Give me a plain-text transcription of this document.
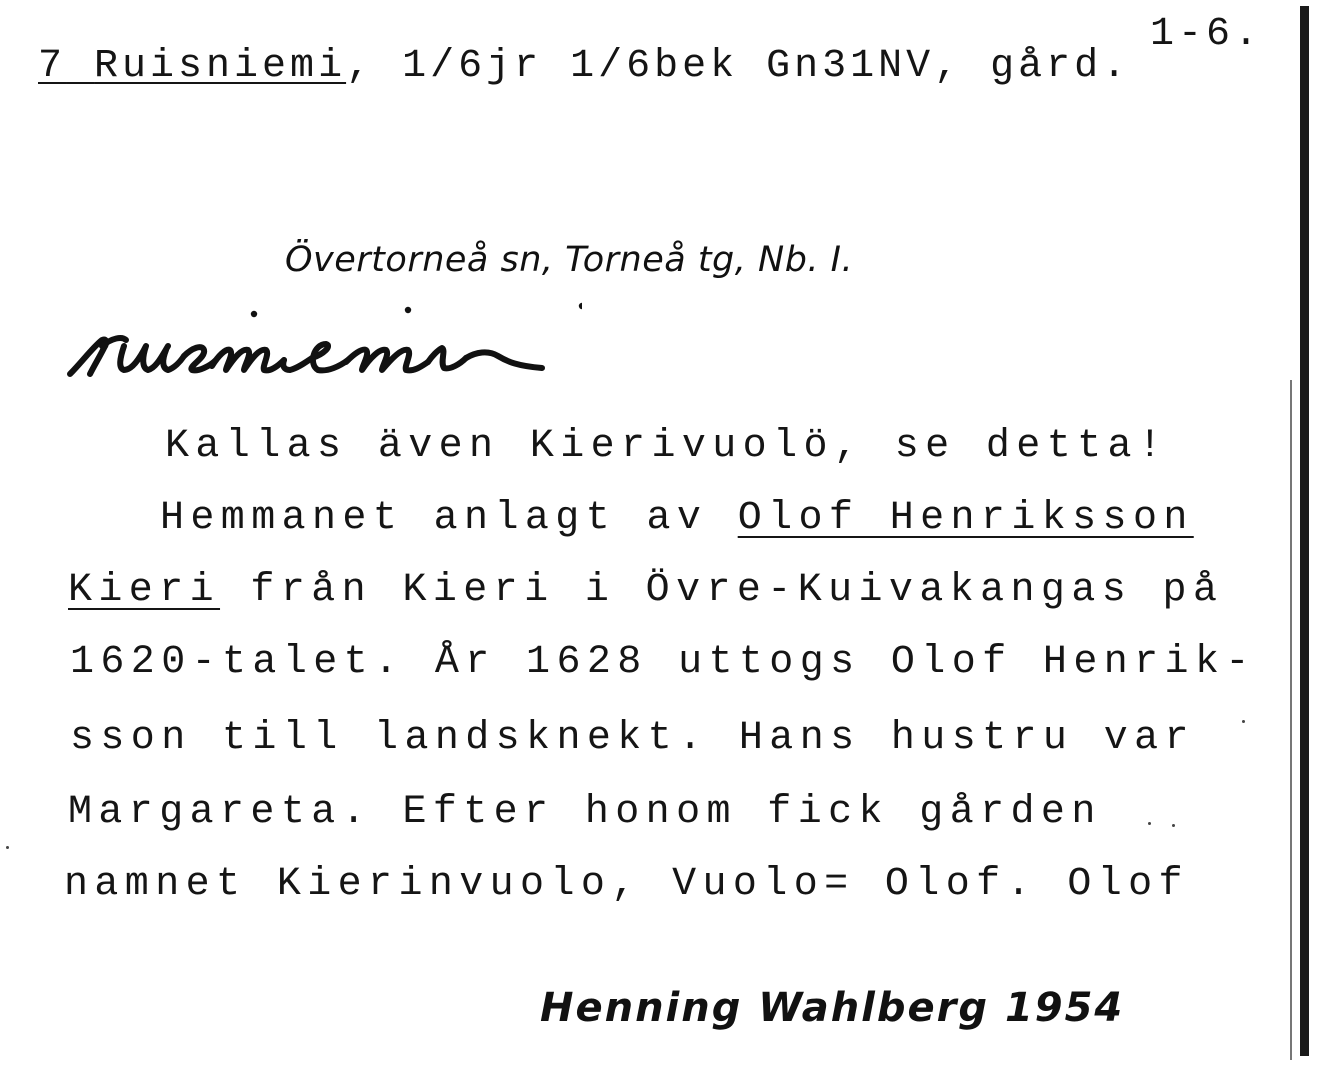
1-6.
7 Ruisniemi, 1/6jr 1/6bek Gn31NV, gård.
Övertorneå sn, Torneå tg, Nb. I.
Kallas även Kierivuolö, se detta!
Hemmanet anlagt av Olof Henriksson
Kieri från Kieri i Övre-Kuivakangas på
1620-talet. År 1628 uttogs Olof Henrik-
sson till landsknekt. Hans hustru var
Margareta. Efter honom fick gården
namnet Kierinvuolo, Vuolo= Olof. Olof
Henning Wahlberg 1954
